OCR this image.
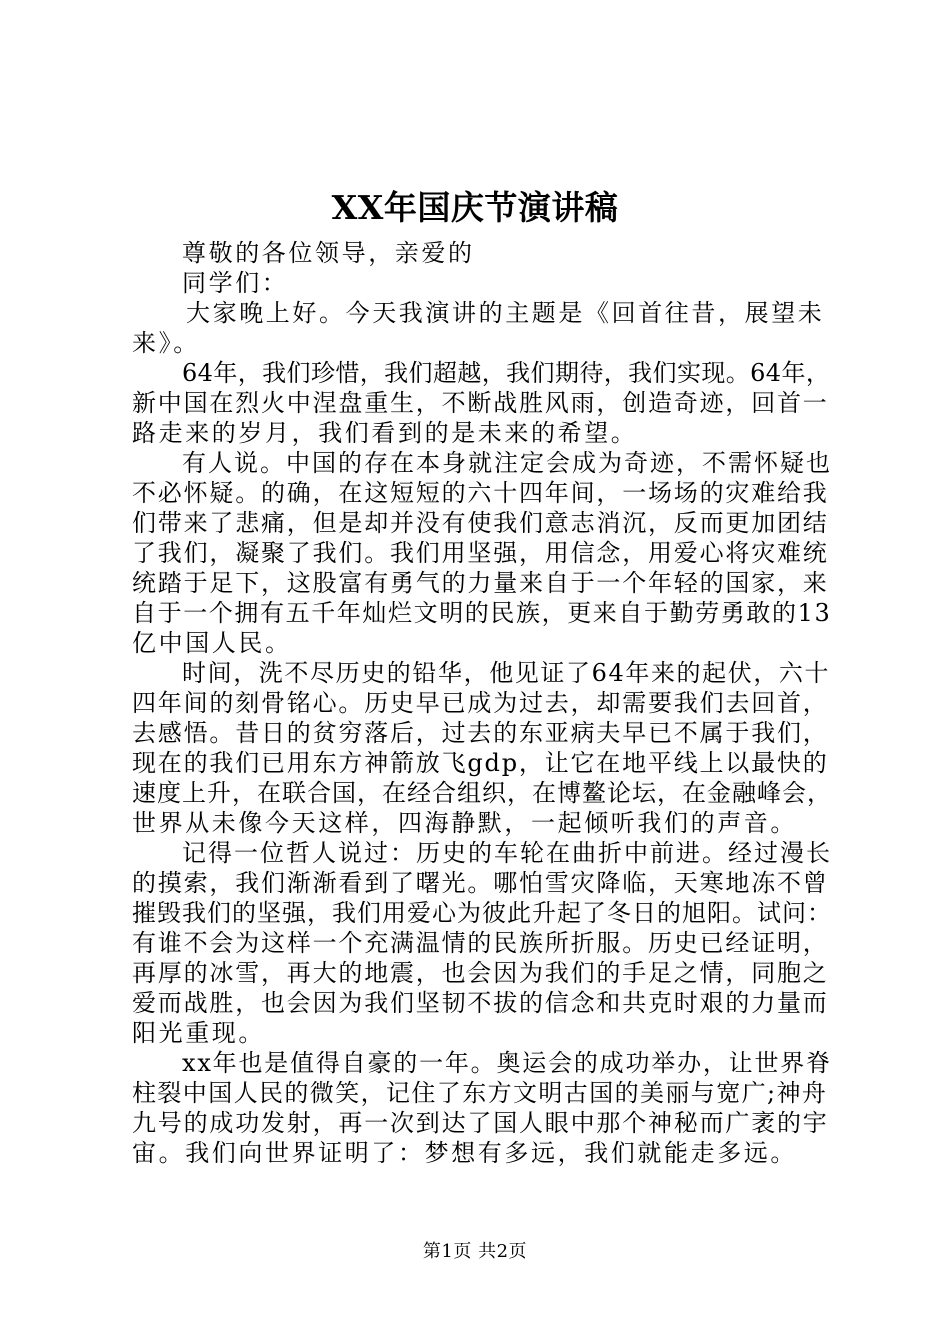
XX年国庆节演讲稿
尊敬的各位领导，亲爱的
同学们：
大家晚上好。今天我演讲的主题是《回首往昔，展望未
来》。
64年，我们珍惜，我们超越，我们期待，我们实现。64年，
新中国在烈火中涅盘重生，不断战胜风雨，创造奇迹，回首一
路走来的岁月，我们看到的是未来的希望。
有人说。中国的存在本身就注定会成为奇迹，不需怀疑也
不必怀疑。的确，在这短短的六十四年间，一场场的灾难给我
们带来了悲痛，但是却并没有使我们意志消沉，反而更加团结
了我们，凝聚了我们。我们用坚强，用信念，用爱心将灾难统
统踏于足下，这股富有勇气的力量来自于一个年轻的国家，来
自于一个拥有五千年灿烂文明的民族，更来自于勤劳勇敢的13
亿中国人民。
时间，洗不尽历史的铅华，他见证了64年来的起伏，六十
四年间的刻骨铭心。历史早已成为过去，却需要我们去回首，
去感悟。昔日的贫穷落后，过去的东亚病夫早已不属于我们，
现在的我们已用东方神箭放飞gdp，让它在地平线上以最快的
速度上升，在联合国，在经合组织，在博鳌论坛，在金融峰会，
世界从未像今天这样，四海静默，一起倾听我们的声音。
记得一位哲人说过：历史的车轮在曲折中前进。经过漫长
的摸索，我们渐渐看到了曙光。哪怕雪灾降临，天寒地冻不曾
摧毁我们的坚强，我们用爱心为彼此升起了冬日的旭阳。试问：
有谁不会为这样一个充满温情的民族所折服。历史已经证明，
再厚的冰雪，再大的地震，也会因为我们的手足之情，同胞之
爱而战胜，也会因为我们坚韧不拔的信念和共克时艰的力量而
阳光重现。
xx年也是值得自豪的一年。奥运会的成功举办，让世界脊
柱裂中国人民的微笑，记住了东方文明古国的美丽与宽广;神舟
九号的成功发射，再一次到达了国人眼中那个神秘而广袤的宇
宙。我们向世界证明了：梦想有多远，我们就能走多远。
第1页 共2页
